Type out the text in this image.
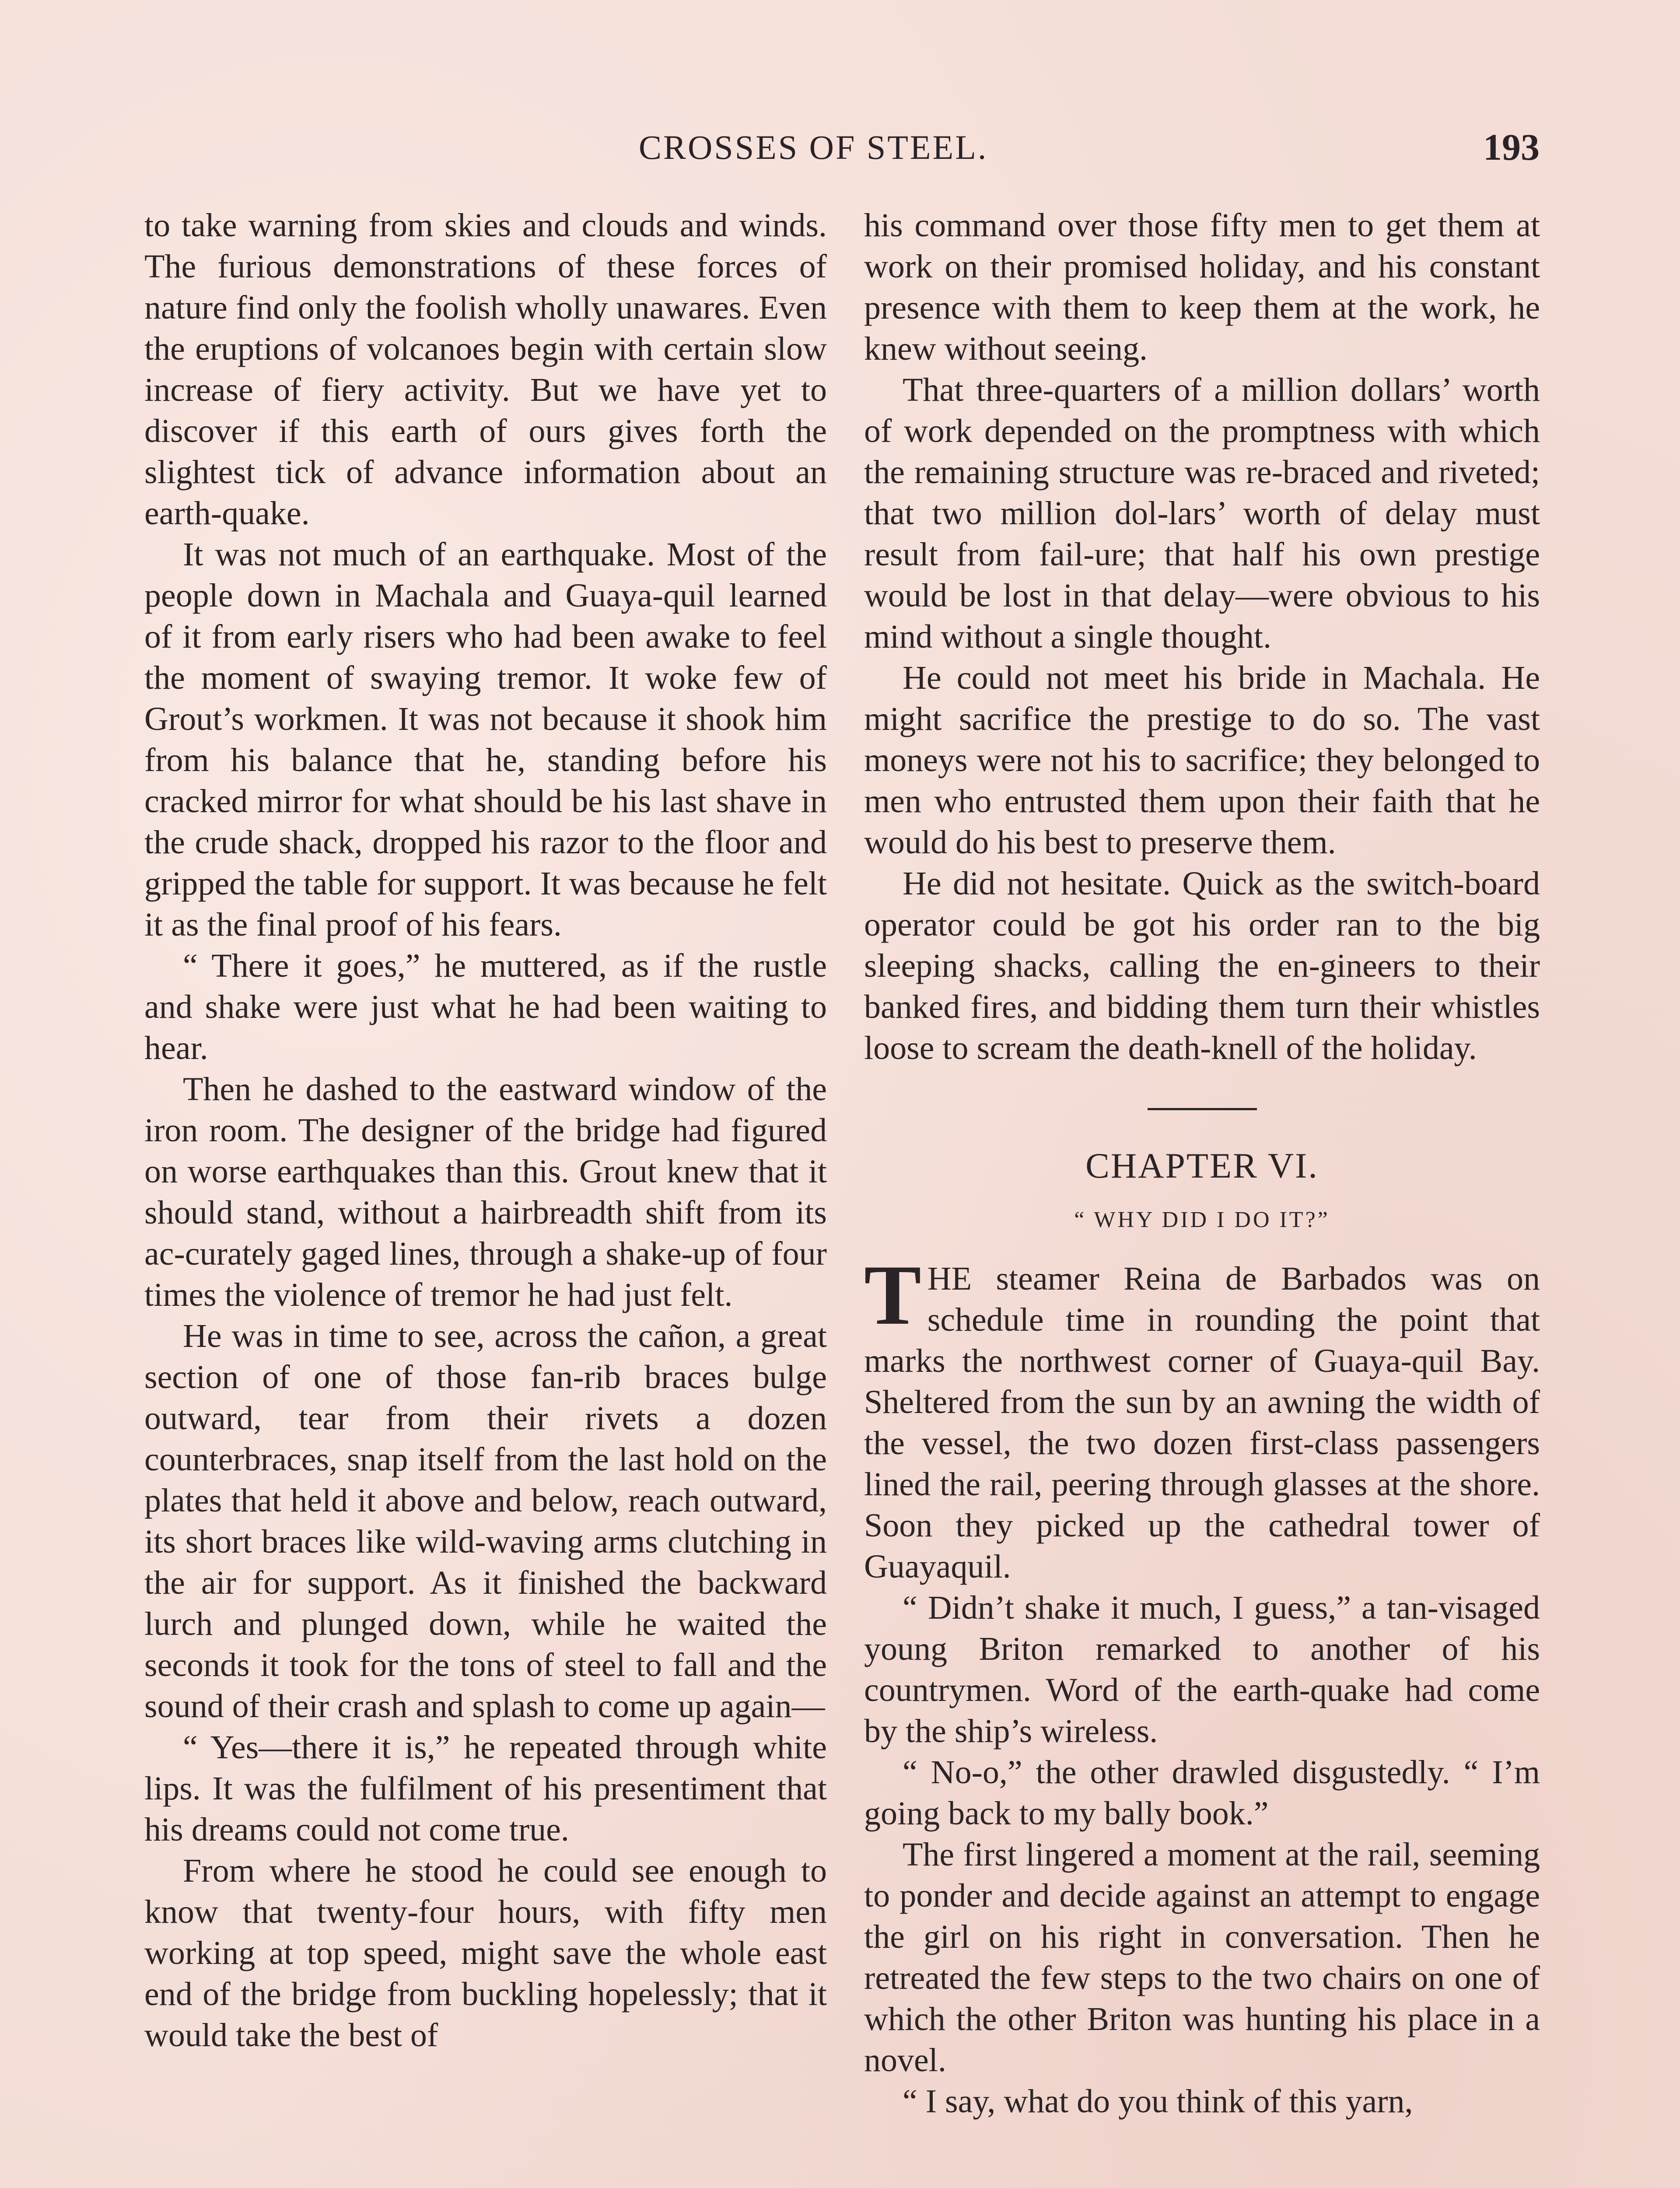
CROSSES OF STEEL.	193

to take warning from skies and clouds and winds. The furious demonstrations of these forces of nature find only the foolish wholly unawares. Even the eruptions of volcanoes begin with certain slow increase of fiery activity. But we have yet to discover if this earth of ours gives forth the slightest tick of advance information about an earth-quake.

It was not much of an earthquake. Most of the people down in Machala and Guaya-quil learned of it from early risers who had been awake to feel the moment of swaying tremor. It woke few of Grout’s workmen. It was not because it shook him from his balance that he, standing before his cracked mirror for what should be his last shave in the crude shack, dropped his razor to the floor and gripped the table for support. It was because he felt it as the final proof of his fears.

“ There it goes,” he muttered, as if the rustle and shake were just what he had been waiting to hear.

Then he dashed to the eastward window of the iron room. The designer of the bridge had figured on worse earthquakes than this. Grout knew that it should stand, without a hairbreadth shift from its ac-curately gaged lines, through a shake-up of four times the violence of tremor he had just felt.

He was in time to see, across the cañon, a great section of one of those fan-rib braces bulge outward, tear from their rivets a dozen counterbraces, snap itself from the last hold on the plates that held it above and below, reach outward, its short braces like wild-waving arms clutching in the air for support. As it finished the backward lurch and plunged down, while he waited the seconds it took for the tons of steel to fall and the sound of their crash and splash to come up again—

“ Yes—there it is,” he repeated through white lips. It was the fulfilment of his presentiment that his dreams could not come true.

From where he stood he could see enough to know that twenty-four hours, with fifty men working at top speed, might save the whole east end of the bridge from buckling hopelessly; that it would take the best of

his command over those fifty men to get them at work on their promised holiday, and his constant presence with them to keep them at the work, he knew without seeing.

That three-quarters of a million dollars’ worth of work depended on the promptness with which the remaining structure was re-braced and riveted; that two million dol-lars’ worth of delay must result from fail-ure; that half his own prestige would be lost in that delay—were obvious to his mind without a single thought.

He could not meet his bride in Machala. He might sacrifice the prestige to do so. The vast moneys were not his to sacrifice; they belonged to men who entrusted them upon their faith that he would do his best to preserve them.

He did not hesitate. Quick as the switch-board operator could be got his order ran to the big sleeping shacks, calling the en-gineers to their banked fires, and bidding them turn their whistles loose to scream the death-knell of the holiday.

CHAPTER VI.
“ WHY DID I DO IT?”

THE steamer Reina de Barbados was on schedule time in rounding the point that marks the northwest corner of Guaya-quil Bay. Sheltered from the sun by an awning the width of the vessel, the two dozen first-class passengers lined the rail, peering through glasses at the shore. Soon they picked up the cathedral tower of Guayaquil.

“ Didn’t shake it much, I guess,” a tan-visaged young Briton remarked to another of his countrymen. Word of the earth-quake had come by the ship’s wireless.

“ No-o,” the other drawled disgustedly. “ I’m going back to my bally book.”

The first lingered a moment at the rail, seeming to ponder and decide against an attempt to engage the girl on his right in conversation. Then he retreated the few steps to the two chairs on one of which the other Briton was hunting his place in a novel.

“ I say, what do you think of this yarn,
